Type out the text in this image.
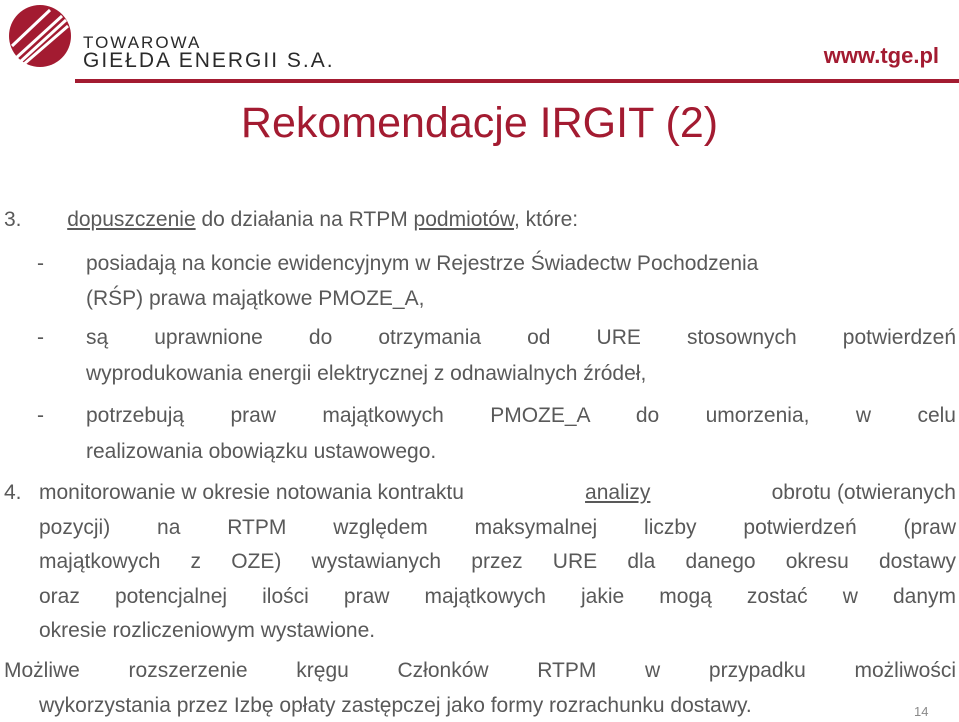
TOWAROWA
GIEŁDA ENERGII S.A.	www.tge.pl
Rekomendacje IRGIT (2)
3. dopuszczenie do działania na RTPM podmiotów, które:
- posiadają na koncie ewidencyjnym w Rejestrze Świadectw Pochodzenia
(RŚP) prawa majątkowe PMOZE_A,
- są uprawnione do otrzymania od URE stosownych potwierdzeń
wyprodukowania energii elektrycznej z odnawialnych źródeł,
- potrzebują praw majątkowych PMOZE_A do umorzenia, w celu
realizowania obowiązku ustawowego.
4. monitorowanie w okresie notowania kontraktu	analizy	obrotu (otwieranych
pozycji) na RTPM względem maksymalnej liczby potwierdzeń (praw
majątkowych z OZE) wystawianych przez URE dla danego okresu dostawy
oraz potencjalnej ilości praw majątkowych jakie mogą zostać w danym
okresie rozliczeniowym wystawione.
Możliwe rozszerzenie kręgu Członków RTPM w przypadku możliwości
wykorzystania przez Izbę opłaty zastępczej jako formy rozrachunku dostawy.	14
